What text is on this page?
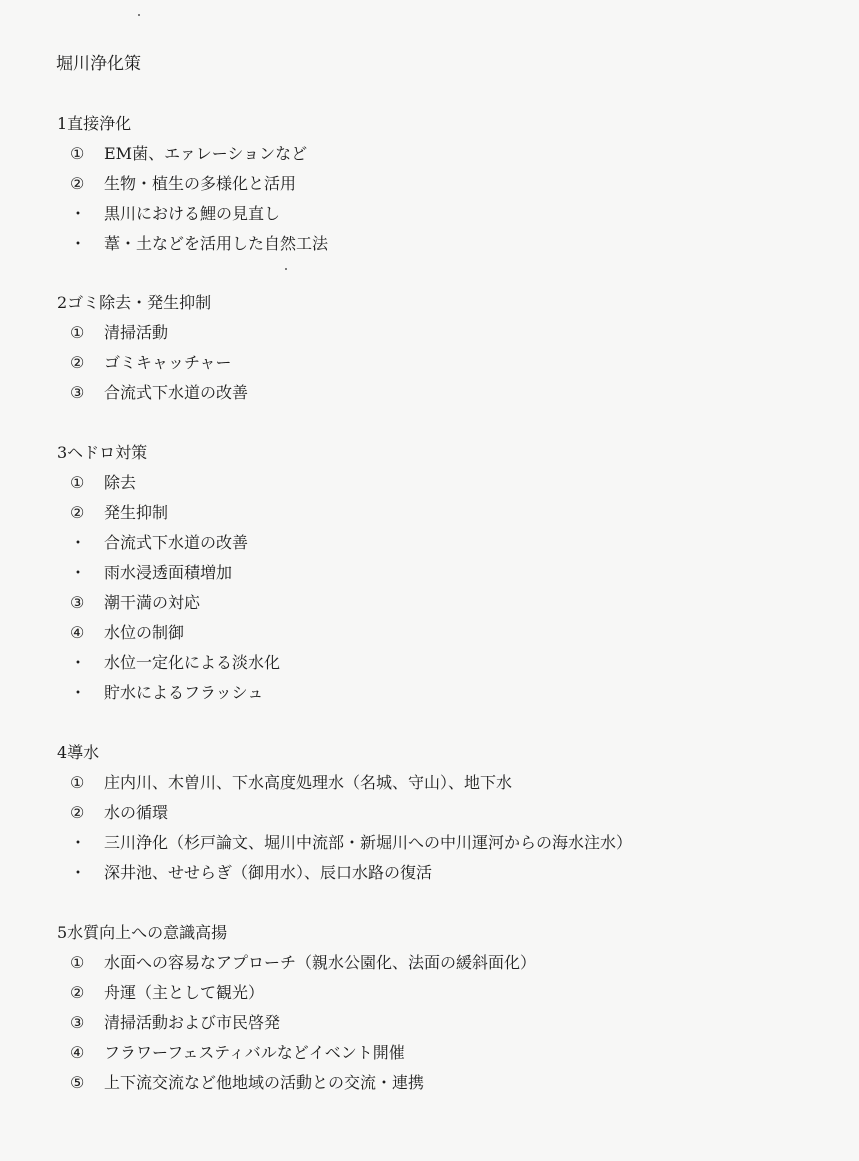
堀川浄化策
1直接浄化
① EM菌、エァレーションなど
② 生物・植生の多様化と活用
・ 黒川における鯉の見直し
・ 葦・土などを活用した自然工法
2ゴミ除去・発生抑制
① 清掃活動
② ゴミキャッチャー
③ 合流式下水道の改善
3ヘドロ対策
① 除去
② 発生抑制
・ 合流式下水道の改善
・ 雨水浸透面積増加
③ 潮干満の対応
④ 水位の制御
・ 水位一定化による淡水化
・ 貯水によるフラッシュ
4導水
① 庄内川、木曽川、下水高度処理水（名城、守山）、地下水
② 水の循環
・ 三川浄化（杉戸論文、堀川中流部・新堀川への中川運河からの海水注水）
・ 深井池、せせらぎ（御用水）、辰口水路の復活
5水質向上への意識高揚
① 水面への容易なアプローチ（親水公園化、法面の緩斜面化）
② 舟運（主として観光）
③ 清掃活動および市民啓発
④ フラワーフェスティバルなどイベント開催
⑤ 上下流交流など他地域の活動との交流・連携
